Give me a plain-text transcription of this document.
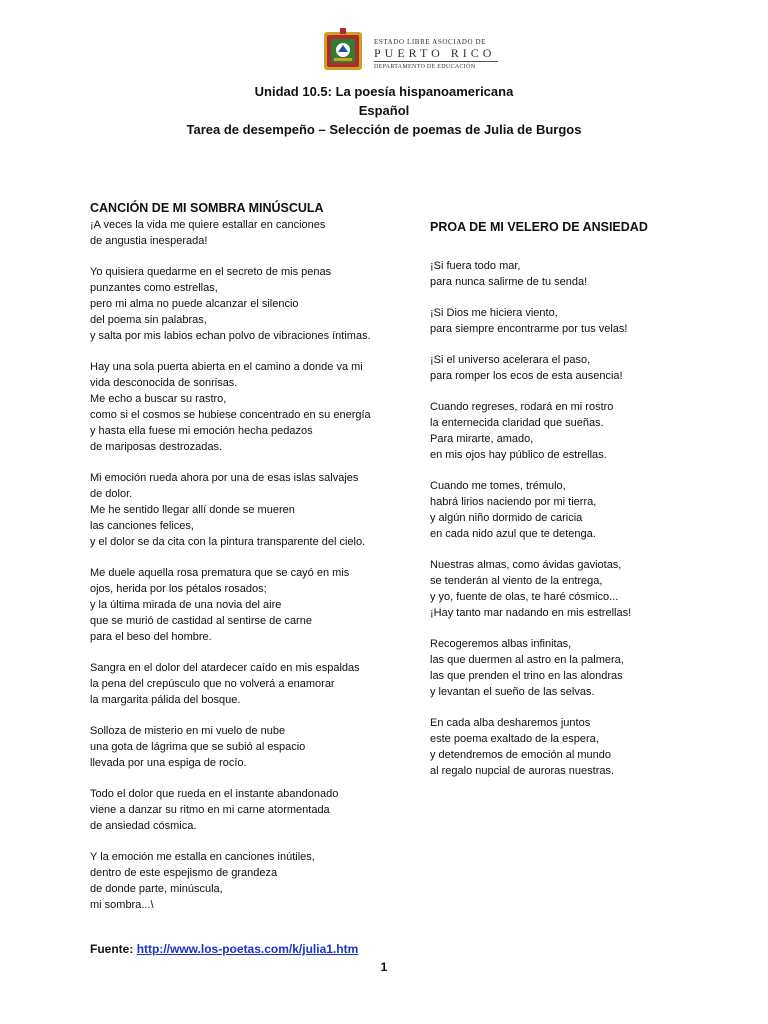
ESTADO LIBRE ASOCIADO DE
PUERTO RICO
DEPARTAMENTO DE EDUCACIÓN
Unidad 10.5: La poesía hispanoamericana
Español
Tarea de desempeño – Selección de poemas de Julia de Burgos
CANCIÓN DE MI SOMBRA MINÚSCULA
¡A veces la vida me quiere estallar en canciones
de angustia inesperada!
Yo quisiera quedarme en el secreto de mis penas
punzantes como estrellas,
pero mi alma no puede alcanzar el silencio
del poema sin palabras,
y salta por mis labios echan polvo de vibraciones íntimas.
Hay una sola puerta abierta en el camino a donde va mi
vida desconocida de sonrisas.
Me echo a buscar su rastro,
como si el cosmos se hubiese concentrado en su energía
y hasta ella fuese mi emoción hecha pedazos
de mariposas destrozadas.
Mi emoción rueda ahora por una de esas islas salvajes
de dolor.
Me he sentido llegar allí donde se mueren
las canciones felices,
y el dolor se da cita con la pintura transparente del cielo.
Me duele aquella rosa prematura que se cayó en mis
ojos, herida por los pétalos rosados;
y la última mirada de una novia del aire
que se murió de castidad al sentirse de carne
para el beso del hombre.
Sangra en el dolor del atardecer caído en mis espaldas
la pena del crepúsculo que no volverá a enamorar
la margarita pálida del bosque.
Solloza de misterio en mi vuelo de nube
una gota de lágrima que se subió al espacio
llevada por una espiga de rocío.
Todo el dolor que rueda en el instante abandonado
viene a danzar su ritmo en mi carne atormentada
de ansiedad cósmica.
Y la emoción me estalla en canciones inútiles,
dentro de este espejismo de grandeza
de donde parte, minúscula,
mi sombra...\
PROA DE MI VELERO DE ANSIEDAD
¡Si fuera todo mar,
para nunca salirme de tu senda!
¡Si Dios me hiciera viento,
para siempre encontrarme por tus velas!
¡Si el universo acelerara el paso,
para romper los ecos de esta ausencia!
Cuando regreses, rodará en mi rostro
la enternecida claridad que sueñas.
Para mirarte, amado,
en mis ojos hay público de estrellas.
Cuando me tomes, trémulo,
habrá lirios naciendo por mi tierra,
y algún niño dormido de caricia
en cada nido azul que te detenga.
Nuestras almas, como ávidas gaviotas,
se tenderán al viento de la entrega,
y yo, fuente de olas, te haré cósmico...
¡Hay tanto mar nadando en mis estrellas!
Recogeremos albas infinitas,
las que duermen al astro en la palmera,
las que prenden el trino en las alondras
y levantan el sueño de las selvas.
En cada alba desharemos juntos
este poema exaltado de la espera,
y detendremos de emoción al mundo
al regalo nupcial de auroras nuestras.
Fuente: http://www.los-poetas.com/k/julia1.htm
1
